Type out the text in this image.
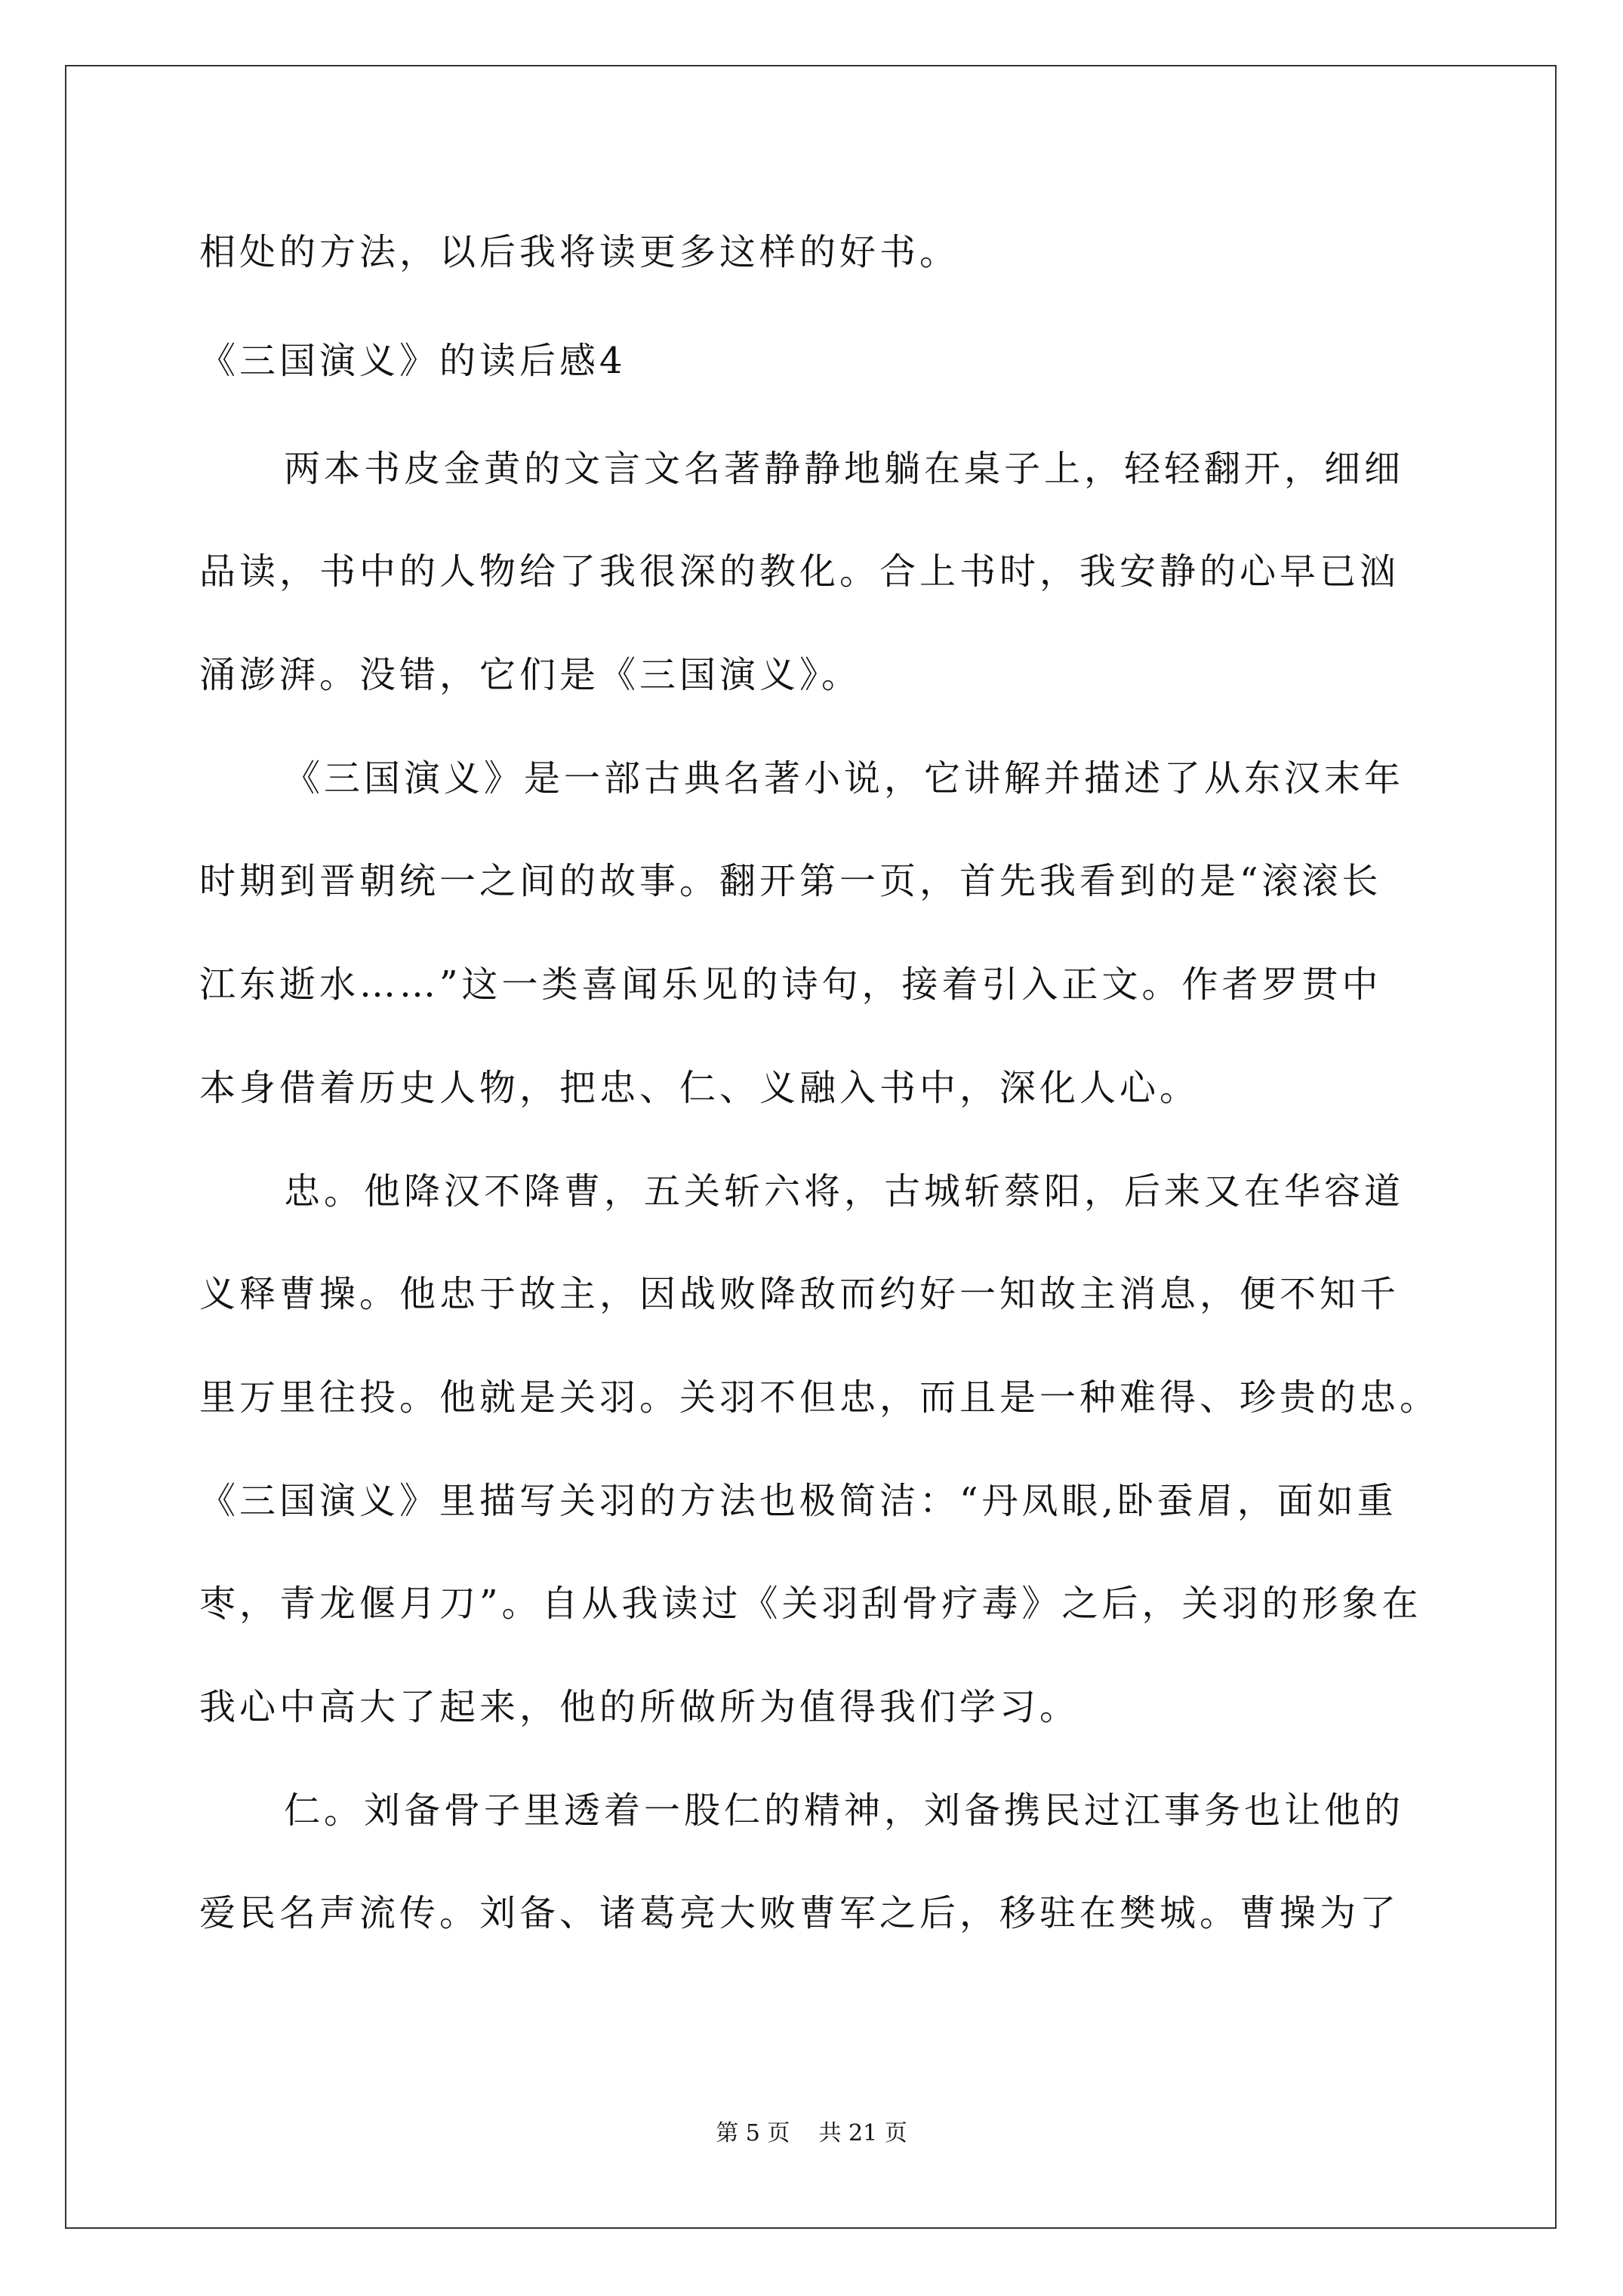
相处的方法，以后我将读更多这样的好书。
《三国演义》的读后感4
两本书皮金黄的文言文名著静静地躺在桌子上，轻轻翻开，细细
品读，书中的人物给了我很深的教化。合上书时，我安静的心早已汹
涌澎湃。没错，它们是《三国演义》。
《三国演义》是一部古典名著小说，它讲解并描述了从东汉末年
时期到晋朝统一之间的故事。翻开第一页，首先我看到的是“滚滚长
江东逝水……”这一类喜闻乐见的诗句，接着引入正文。作者罗贯中
本身借着历史人物，把忠、仁、义融入书中，深化人心。
忠。他降汉不降曹，五关斩六将，古城斩蔡阳，后来又在华容道
义释曹操。他忠于故主，因战败降敌而约好一知故主消息，便不知千
里万里往投。他就是关羽。关羽不但忠，而且是一种难得、珍贵的忠。
《三国演义》里描写关羽的方法也极简洁：“丹凤眼,卧蚕眉，面如重
枣，青龙偃月刀”。自从我读过《关羽刮骨疗毒》之后，关羽的形象在
我心中高大了起来，他的所做所为值得我们学习。
仁。刘备骨子里透着一股仁的精神，刘备携民过江事务也让他的
爱民名声流传。刘备、诸葛亮大败曹军之后，移驻在樊城。曹操为了
第 5 页    共 21 页
